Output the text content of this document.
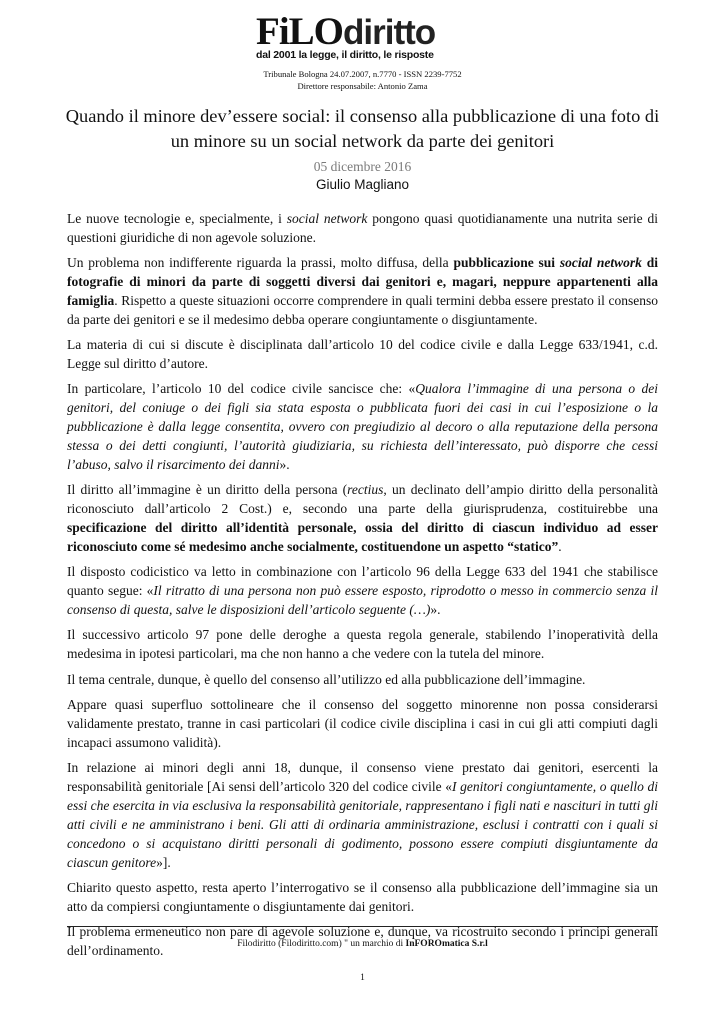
FiLOdiritto
dal 2001 la legge, il diritto, le risposte
Tribunale Bologna 24.07.2007, n.7770 - ISSN 2239-7752
Direttore responsabile: Antonio Zama
Quando il minore dev’essere social: il consenso alla pubblicazione di una foto di un minore su un social network da parte dei genitori
05 dicembre 2016
Giulio Magliano

Le nuove tecnologie e, specialmente, i social network pongono quasi quotidianamente una nutrita serie di questioni giuridiche di non agevole soluzione.

Un problema non indifferente riguarda la prassi, molto diffusa, della pubblicazione sui social network di fotografie di minori da parte di soggetti diversi dai genitori e, magari, neppure appartenenti alla famiglia. Rispetto a queste situazioni occorre comprendere in quali termini debba essere prestato il consenso da parte dei genitori e se il medesimo debba operare congiuntamente o disgiuntamente.

La materia di cui si discute è disciplinata dall’articolo 10 del codice civile e dalla Legge 633/1941, c.d. Legge sul diritto d’autore.

In particolare, l’articolo 10 del codice civile sancisce che: «Qualora l’immagine di una persona o dei genitori, del coniuge o dei figli sia stata esposta o pubblicata fuori dei casi in cui l’esposizione o la pubblicazione è dalla legge consentita, ovvero con pregiudizio al decoro o alla reputazione della persona stessa o dei detti congiunti, l’autorità giudiziaria, su richiesta dell’interessato, può disporre che cessi l’abuso, salvo il risarcimento dei danni».

Il diritto all’immagine è un diritto della persona (rectius, un declinato dell’ampio diritto della personalità riconosciuto dall’articolo 2 Cost.) e, secondo una parte della giurisprudenza, costituirebbe una specificazione del diritto all’identità personale, ossia del diritto di ciascun individuo ad esser riconosciuto come sé medesimo anche socialmente, costituendone un aspetto “statico”.

Il disposto codicistico va letto in combinazione con l’articolo 96 della Legge 633 del 1941 che stabilisce quanto segue: «Il ritratto di una persona non può essere esposto, riprodotto o messo in commercio senza il consenso di questa, salve le disposizioni dell’articolo seguente (…)».

Il successivo articolo 97 pone delle deroghe a questa regola generale, stabilendo l’inoperatività della medesima in ipotesi particolari, ma che non hanno a che vedere con la tutela del minore.

Il tema centrale, dunque, è quello del consenso all’utilizzo ed alla pubblicazione dell’immagine.

Appare quasi superfluo sottolineare che il consenso del soggetto minorenne non possa considerarsi validamente prestato, tranne in casi particolari (il codice civile disciplina i casi in cui gli atti compiuti dagli incapaci assumono validità).

In relazione ai minori degli anni 18, dunque, il consenso viene prestato dai genitori, esercenti la responsabilità genitoriale [Ai sensi dell’articolo 320 del codice civile «I genitori congiuntamente, o quello di essi che esercita in via esclusiva la responsabilità genitoriale, rappresentano i figli nati e nascituri in tutti gli atti civili e ne amministrano i beni. Gli atti di ordinaria amministrazione, esclusi i contratti con i quali si concedono o si acquistano diritti personali di godimento, possono essere compiuti disgiuntamente da ciascun genitore»].

Chiarito questo aspetto, resta aperto l’interrogativo se il consenso alla pubblicazione dell’immagine sia un atto da compiersi congiuntamente o disgiuntamente dai genitori.

Il problema ermeneutico non pare di agevole soluzione e, dunque, va ricostruito secondo i principi generali dell’ordinamento.	Filodiritto (Filodiritto.com) " un marchio di InFOROmatica S.r.l
1
